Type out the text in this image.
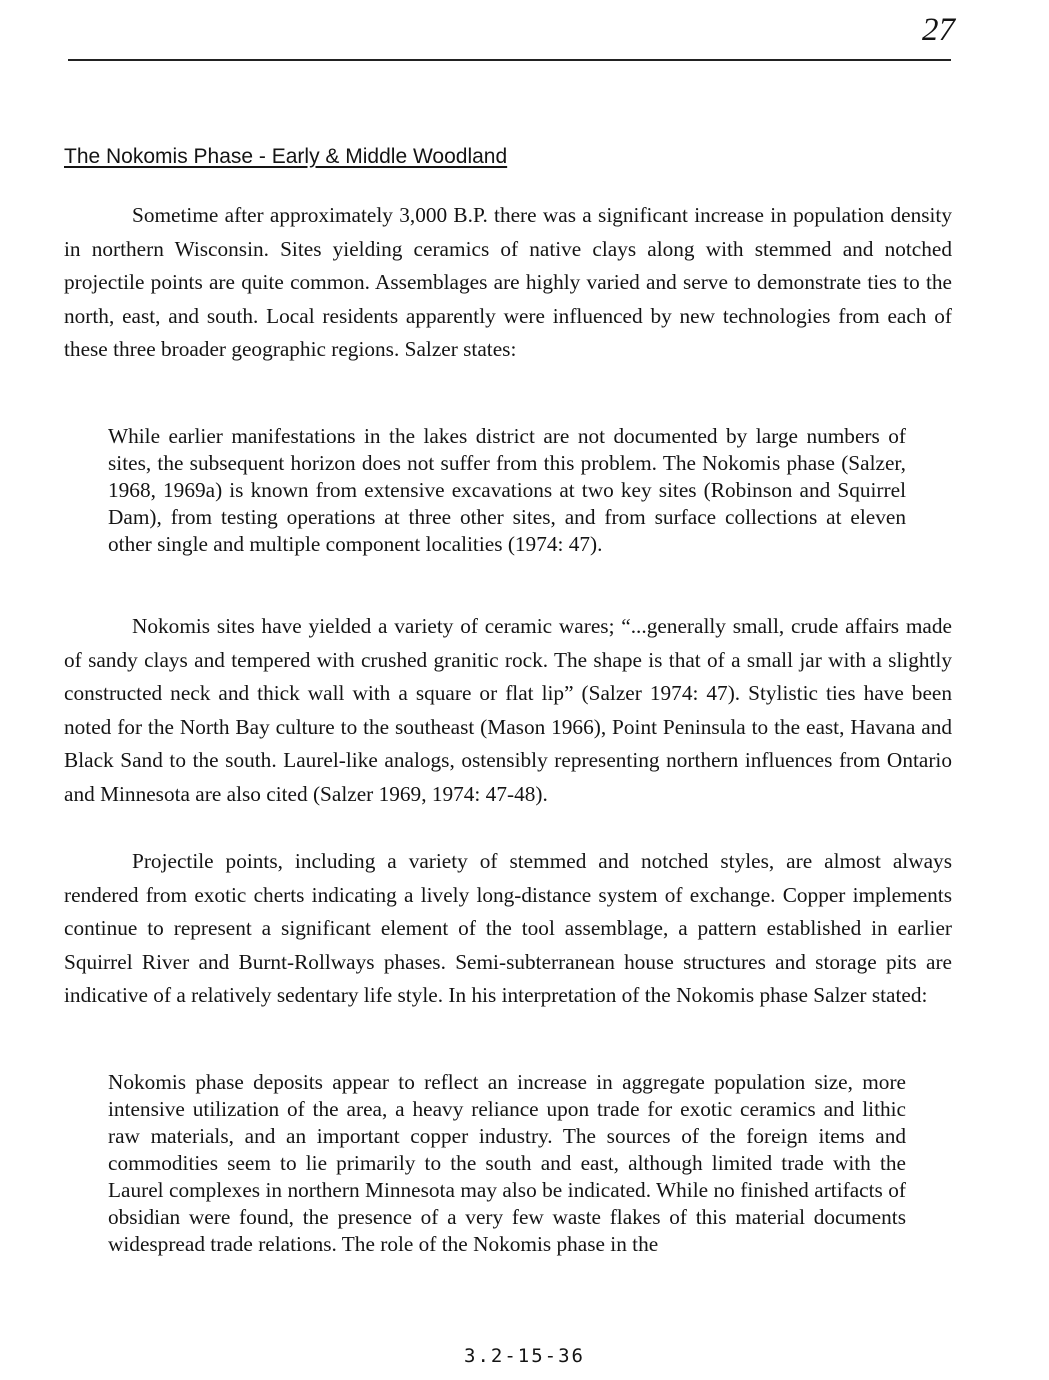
27
The Nokomis Phase - Early & Middle Woodland

Sometime after approximately 3,000 B.P. there was a significant increase in population density in northern Wisconsin. Sites yielding ceramics of native clays along with stemmed and notched projectile points are quite common. Assemblages are highly varied and serve to demonstrate ties to the north, east, and south. Local residents apparently were influenced by new technologies from each of these three broader geographic regions. Salzer states:

While earlier manifestations in the lakes district are not documented by large numbers of sites, the subsequent horizon does not suffer from this problem. The Nokomis phase (Salzer, 1968, 1969a) is known from extensive excavations at two key sites (Robinson and Squirrel Dam), from testing operations at three other sites, and from surface collections at eleven other single and multiple component localities (1974: 47).

Nokomis sites have yielded a variety of ceramic wares; “...generally small, crude affairs made of sandy clays and tempered with crushed granitic rock. The shape is that of a small jar with a slightly constructed neck and thick wall with a square or flat lip” (Salzer 1974: 47). Stylistic ties have been noted for the North Bay culture to the southeast (Mason 1966), Point Peninsula to the east, Havana and Black Sand to the south. Laurel-like analogs, ostensibly representing northern influences from Ontario and Minnesota are also cited (Salzer 1969, 1974: 47-48).

Projectile points, including a variety of stemmed and notched styles, are almost always rendered from exotic cherts indicating a lively long-distance system of exchange. Copper implements continue to represent a significant element of the tool assemblage, a pattern established in earlier Squirrel River and Burnt-Rollways phases. Semi-subterranean house structures and storage pits are indicative of a relatively sedentary life style. In his interpretation of the Nokomis phase Salzer stated:

Nokomis phase deposits appear to reflect an increase in aggregate population size, more intensive utilization of the area, a heavy reliance upon trade for exotic ceramics and lithic raw materials, and an important copper industry. The sources of the foreign items and commodities seem to lie primarily to the south and east, although limited trade with the Laurel complexes in northern Minnesota may also be indicated. While no finished artifacts of obsidian were found, the presence of a very few waste flakes of this material documents widespread trade relations. The role of the Nokomis phase in the

3.2-15-36
